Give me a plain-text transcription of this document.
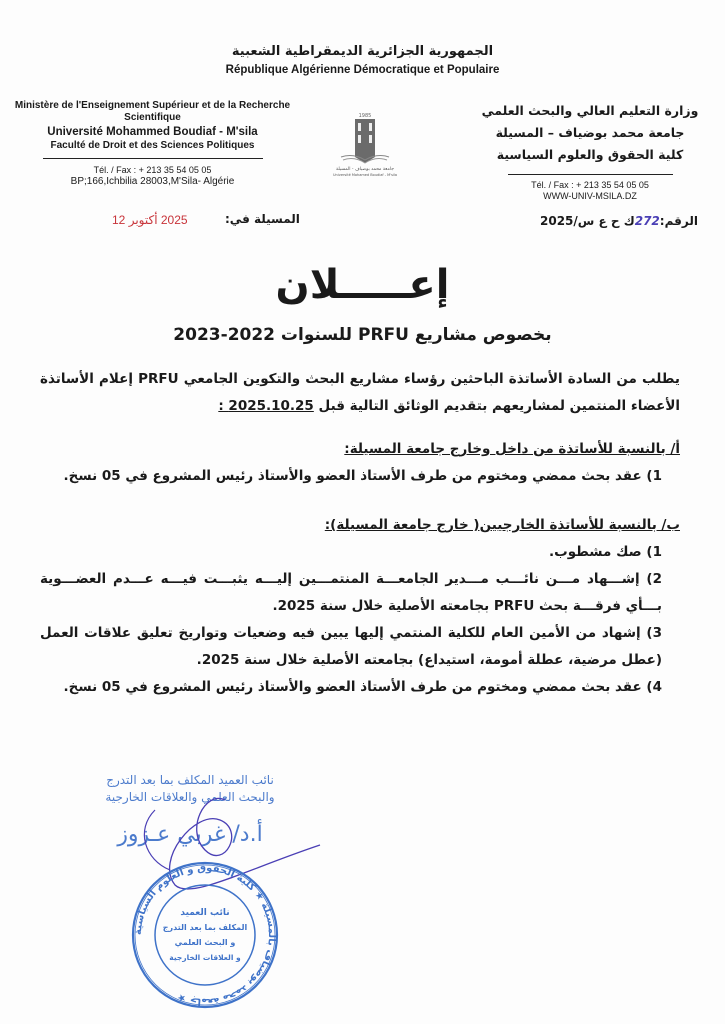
الجمهورية الجزائرية الديمقراطية الشعبية
République Algérienne Démocratique et Populaire
Ministère de l'Enseignement Supérieur et de la Recherche Scientifique
Université Mohammed Boudiaf - M'sila
Faculté de Droit et des Sciences Politiques
Tél. / Fax : + 213 35 54 05 05
BP;166,Ichbilia 28003,M'Sila- Algérie
1985
جامعة محمد بوضياف - المسيلة
Université Mohamed Boudiaf - M'sila
وزارة التعليم العالي والبحث العلمي
جامعة محمد بوضياف – المسيلة
كلية الحقوق والعلوم السياسية
Tél. / Fax : + 213 35 54 05 05
WWW-UNIV-MSILA.DZ
المسيلة في:
2025 أكتوبر 12	الرقم:272ك ح ع س/2025
إعـــــلان
بخصوص مشاريع PRFU للسنوات 2022-2023
يطلب من السادة الأساتذة الباحثين رؤساء مشاريع البحث والتكوين الجامعي PRFU إعلام الأساتذة الأعضاء المنتمين لمشاريعهم بتقديم الوثائق التالية قبل 2025.10.25 :
أ/ بالنسبة للأساتذة من داخل وخارج جامعة المسيلة:
1) عقد بحث ممضي ومختوم من طرف الأستاذ العضو والأستاذ رئيس المشروع في 05 نسخ.
ب/ بالنسبة للأساتذة الخارجيين( خارج جامعة المسيلة):
1) صك مشطوب.
2) إشـــهاد مـــن نائـــب مـــدير الجامعـــة المنتمـــين إليـــه يثبـــت فيـــه عـــدم العضـــوية بـــأي فرقـــة بحث PRFU بجامعته الأصلية خلال سنة 2025.
3) إشهاد من الأمين العام للكلية المنتمي إليها يبين فيه وضعيات وتواريخ تعليق علاقات العمل (عطل مرضية، عطلة أمومة، استيداع) بجامعته الأصلية خلال سنة 2025.
4) عقد بحث ممضي ومختوم من طرف الأستاذ العضو والأستاذ رئيس المشروع في 05 نسخ.
نائب العميد المكلف بما بعد التدرج
والبحث العلمي والعلاقات الخارجية
أ.د/ غربي عـزوز
جامعة محمد بوضياف بالمسيلة ★ كلية الحقوق و العلوم السياسية ★
نائب العميد
المكلف بما بعد التدرج
و البحث العلمي
و العلاقات الخارجية
